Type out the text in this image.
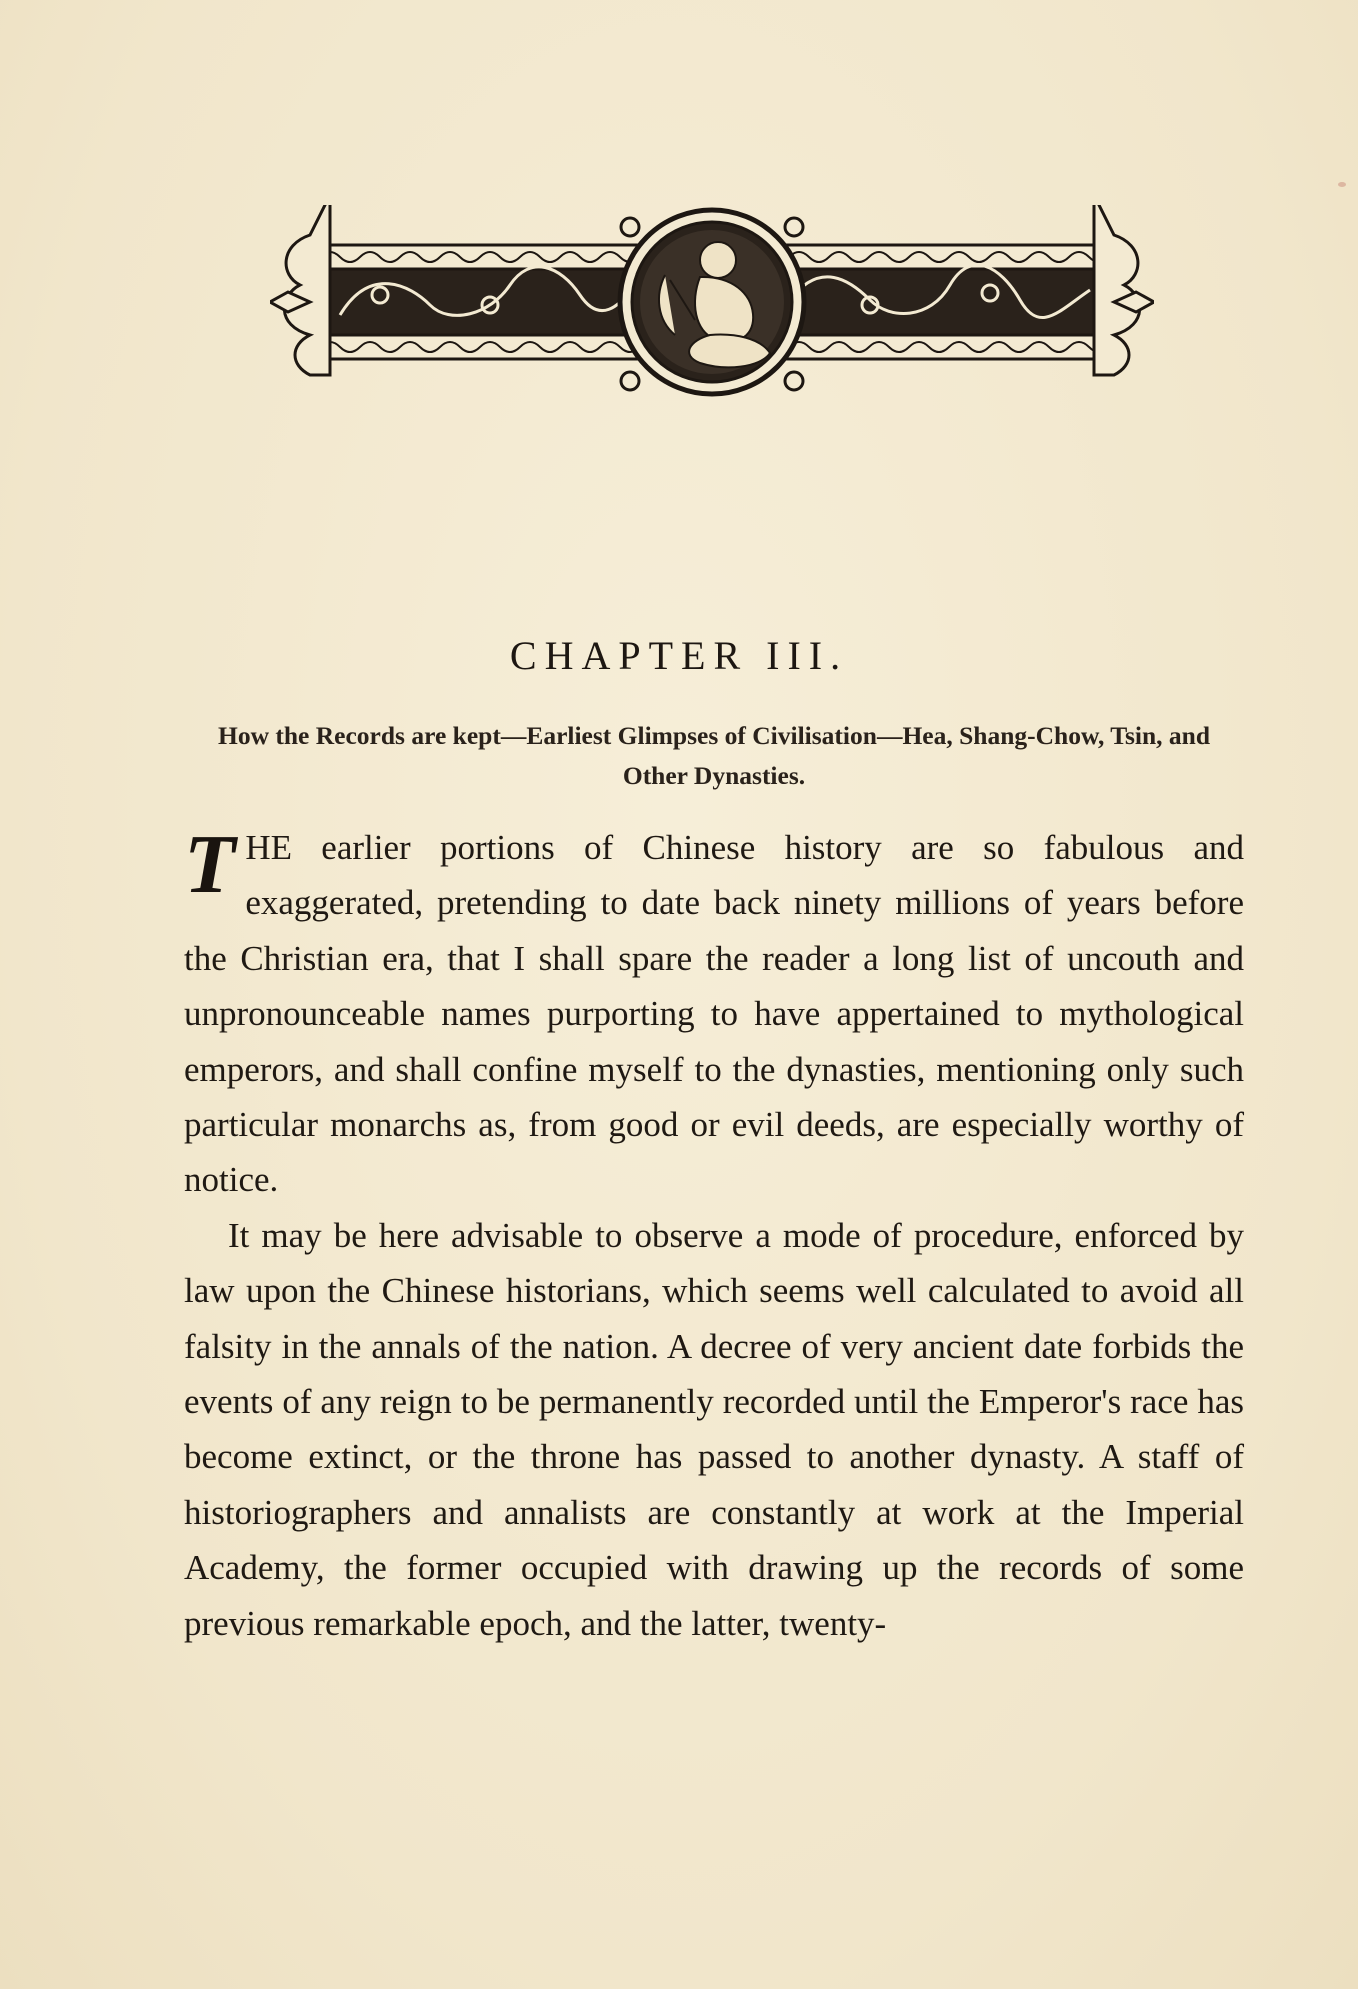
CHAPTER III.
How the Records are kept—Earliest Glimpses of Civilisation—Hea, Shang-Chow, Tsin, and Other Dynasties.

THE earlier portions of Chinese history are so fabulous and exaggerated, pretending to date back ninety millions of years before the Christian era, that I shall spare the reader a long list of uncouth and unpronounceable names purporting to have appertained to mythological emperors, and shall confine myself to the dynasties, mentioning only such particular monarchs as, from good or evil deeds, are especially worthy of notice.

It may be here advisable to observe a mode of procedure, enforced by law upon the Chinese historians, which seems well calculated to avoid all falsity in the annals of the nation. A decree of very ancient date forbids the events of any reign to be permanently recorded until the Emperor's race has become extinct, or the throne has passed to another dynasty. A staff of historiographers and annalists are constantly at work at the Imperial Academy, the former occupied with drawing up the records of some previous remarkable epoch, and the latter, twenty-
